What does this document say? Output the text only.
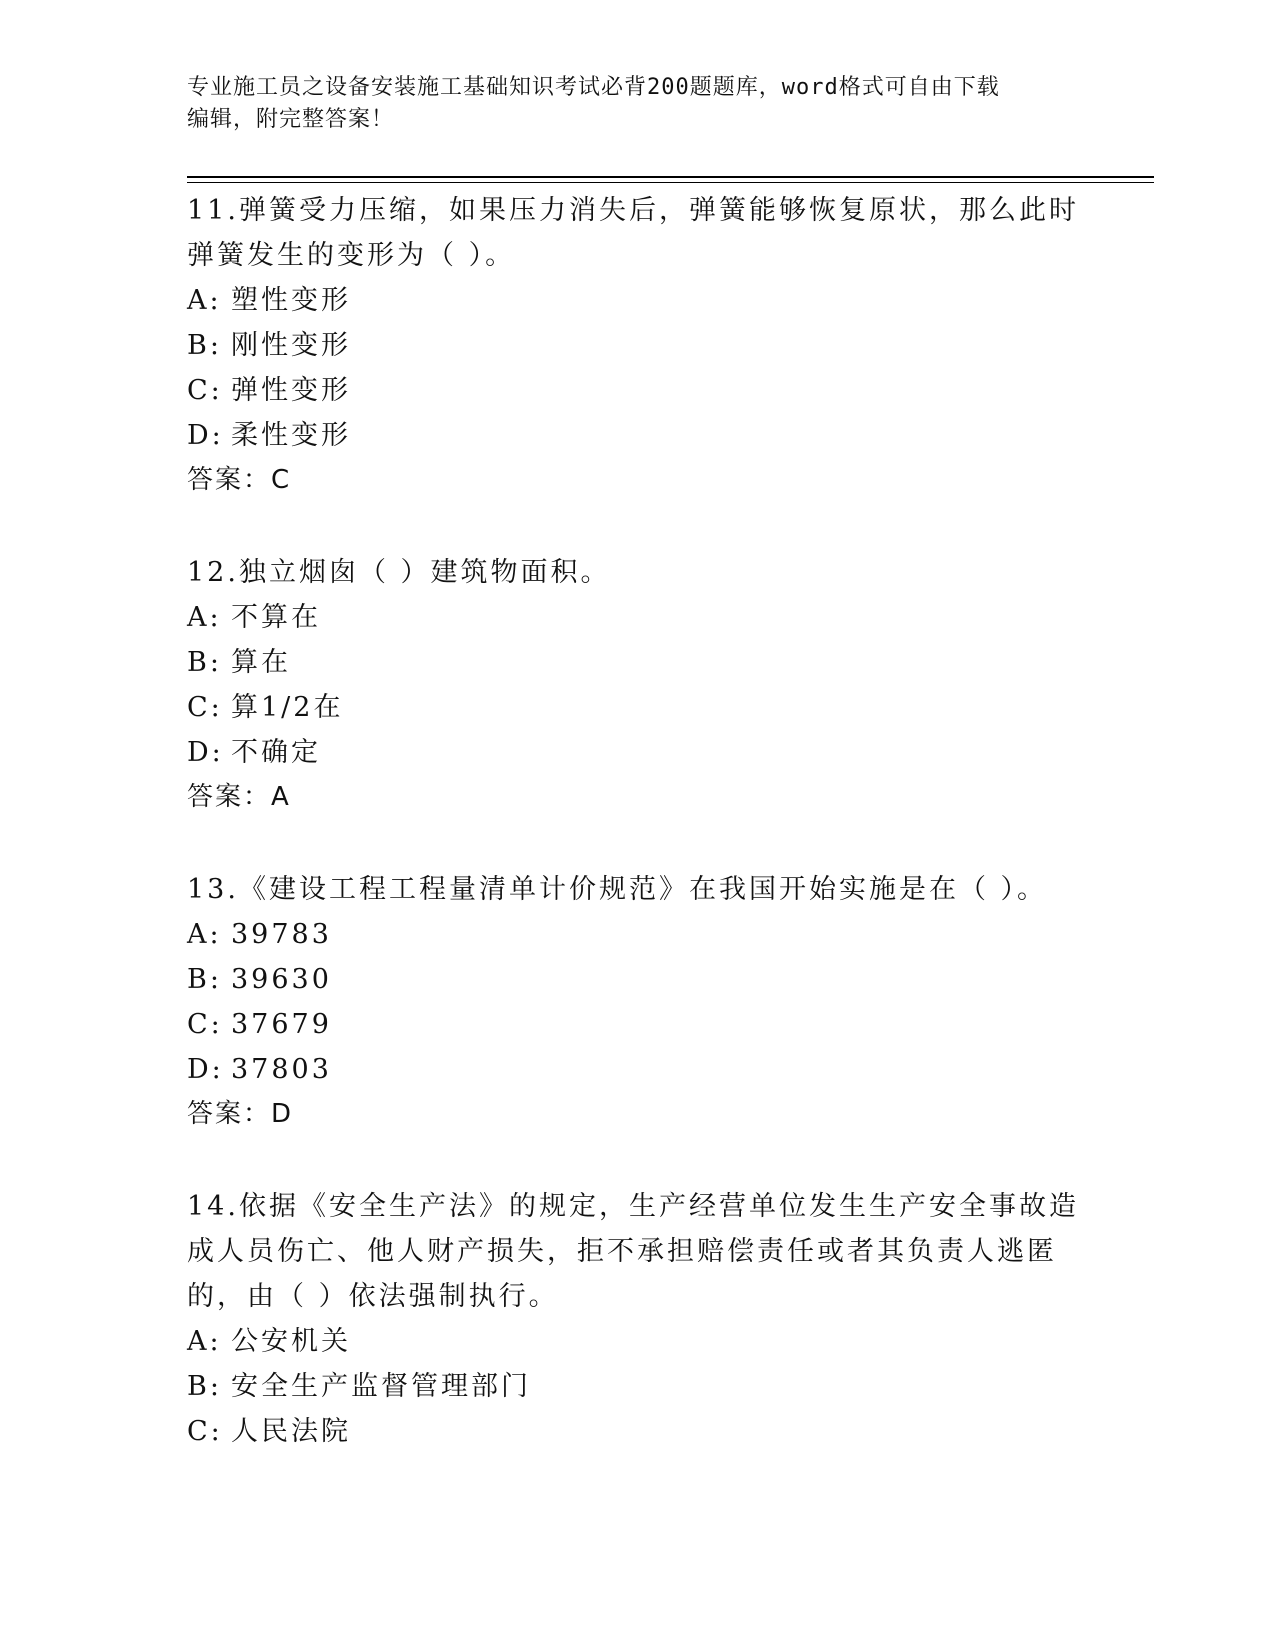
专业施工员之设备安装施工基础知识考试必背200题题库，word格式可自由下载
编辑，附完整答案！
11.弹簧受力压缩，如果压力消失后，弹簧能够恢复原状，那么此时弹簧发生的变形为（ ）。
A: 塑性变形
B: 刚性变形
C: 弹性变形
D: 柔性变形
答案：C
12.独立烟囱（ ）建筑物面积。
A: 不算在
B: 算在
C: 算1/2在
D: 不确定
答案：A
13.《建设工程工程量清单计价规范》在我国开始实施是在（ ）。
A: 39783
B: 39630
C: 37679
D: 37803
答案：D
14.依据《安全生产法》的规定，生产经营单位发生生产安全事故造成人员伤亡、他人财产损失，拒不承担赔偿责任或者其负责人逃匿的，由（ ）依法强制执行。
A: 公安机关
B: 安全生产监督管理部门
C: 人民法院
